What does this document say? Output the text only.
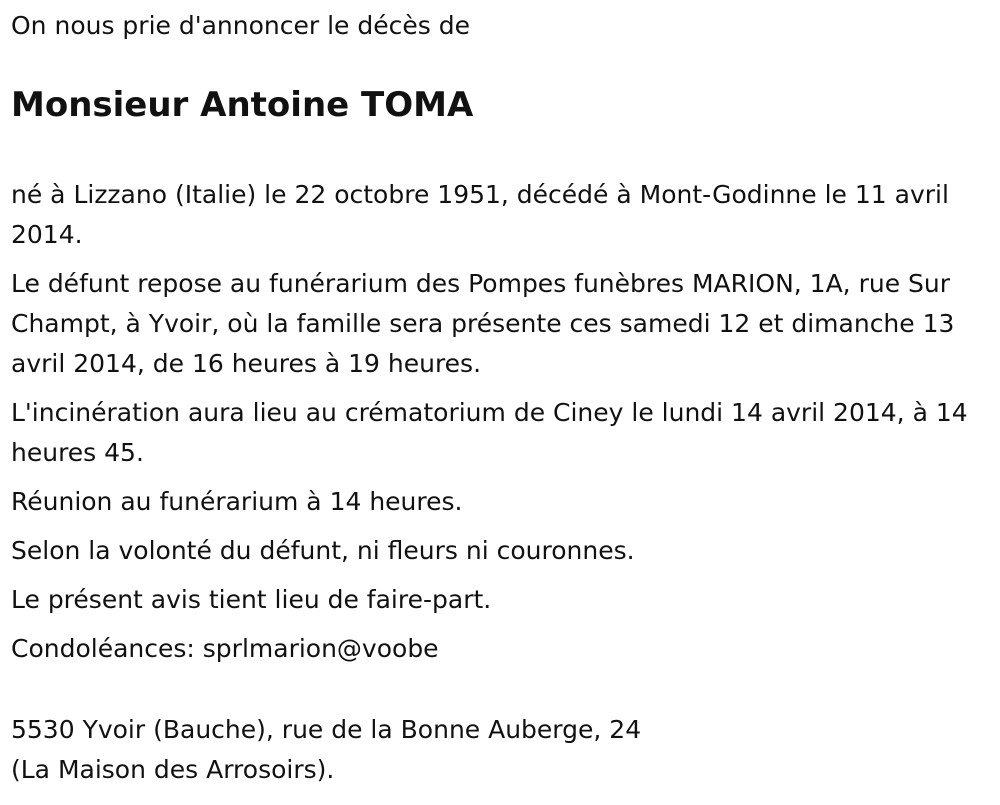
On nous prie d'annoncer le décès de

Monsieur Antoine TOMA

né à Lizzano (Italie) le 22 octobre 1951, décédé à Mont-Godinne le 11 avril 2014.

Le défunt repose au funérarium des Pompes funèbres MARION, 1A, rue Sur Champt, à Yvoir, où la famille sera présente ces samedi 12 et dimanche 13 avril 2014, de 16 heures à 19 heures.

L'incinération aura lieu au crématorium de Ciney le lundi 14 avril 2014, à 14 heures 45.

Réunion au funérarium à 14 heures.

Selon la volonté du défunt, ni fleurs ni couronnes.

Le présent avis tient lieu de faire-part.

Condoléances: sprlmarion@voobe

5530 Yvoir (Bauche), rue de la Bonne Auberge, 24
(La Maison des Arrosoirs).
